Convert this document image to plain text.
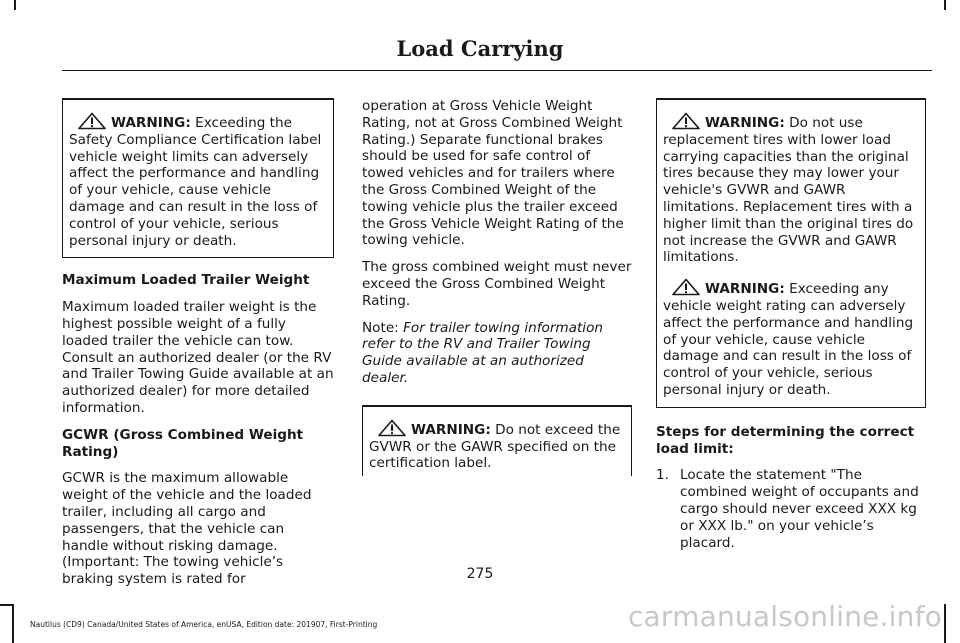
Load Carrying
WARNING: Exceeding the Safety Compliance Certification label vehicle weight limits can adversely affect the performance and handling of your vehicle, cause vehicle damage and can result in the loss of control of your vehicle, serious personal injury or death.

Maximum Loaded Trailer Weight

Maximum loaded trailer weight is the highest possible weight of a fully loaded trailer the vehicle can tow. Consult an authorized dealer (or the RV and Trailer Towing Guide available at an authorized dealer) for more detailed information.

GCWR (Gross Combined Weight Rating)

GCWR is the maximum allowable weight of the vehicle and the loaded trailer, including all cargo and passengers, that the vehicle can handle without risking damage. (Important: The towing vehicle’s braking system is rated for

operation at Gross Vehicle Weight Rating, not at Gross Combined Weight Rating.) Separate functional brakes should be used for safe control of towed vehicles and for trailers where the Gross Combined Weight of the towing vehicle plus the trailer exceed the Gross Vehicle Weight Rating of the towing vehicle.

The gross combined weight must never exceed the Gross Combined Weight Rating.

Note: For trailer towing information refer to the RV and Trailer Towing Guide available at an authorized dealer.

WARNING: Do not exceed the GVWR or the GAWR specified on the certification label.
WARNING: Do not use replacement tires with lower load carrying capacities than the original tires because they may lower your vehicle's GVWR and GAWR limitations. Replacement tires with a higher limit than the original tires do not increase the GVWR and GAWR limitations.
WARNING: Exceeding any vehicle weight rating can adversely affect the performance and handling of your vehicle, cause vehicle damage and can result in the loss of control of your vehicle, serious personal injury or death.

Steps for determining the correct load limit:

1. Locate the statement "The combined weight of occupants and cargo should never exceed XXX kg or XXX lb." on your vehicle’s placard.
275
Nautilus (CD9) Canada/United States of America, enUSA, Edition date: 201907, First-Printing	carmanualsonline.info
